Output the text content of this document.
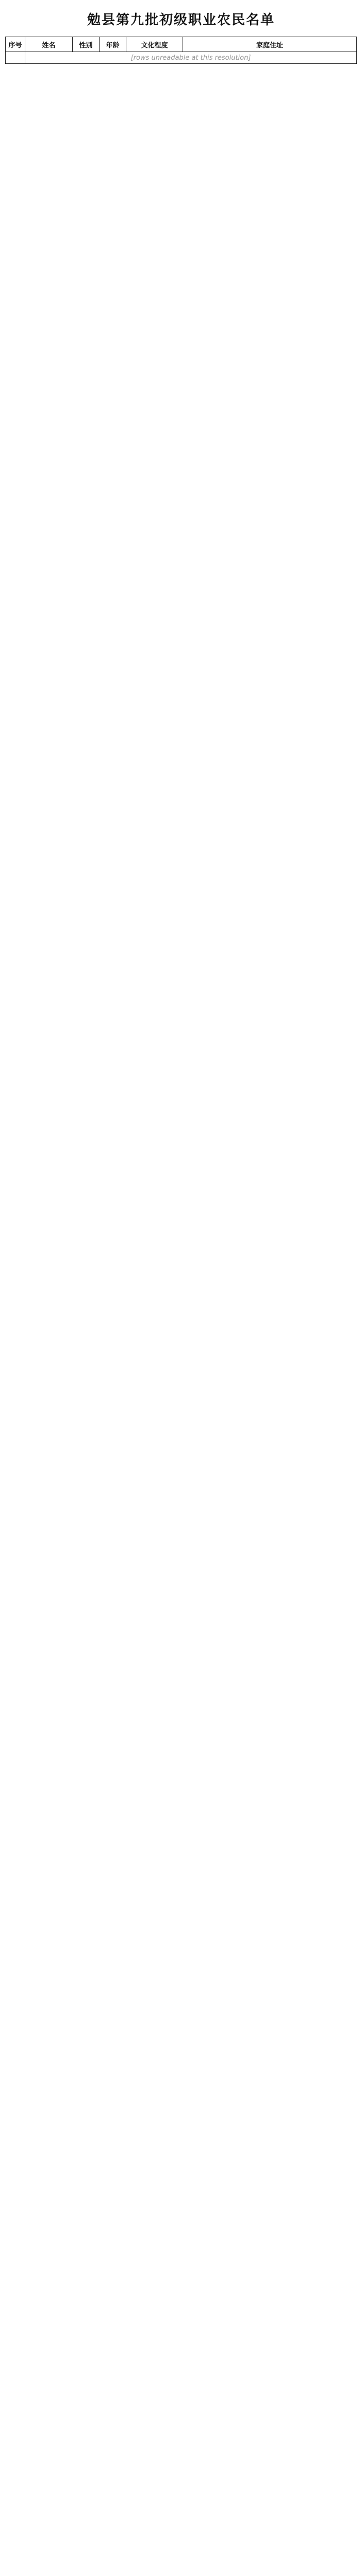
勉县第九批初级职业农民名单
序号	姓名	性别	年龄	文化程度	家庭住址
	[rows unreadable at this resolution]				
